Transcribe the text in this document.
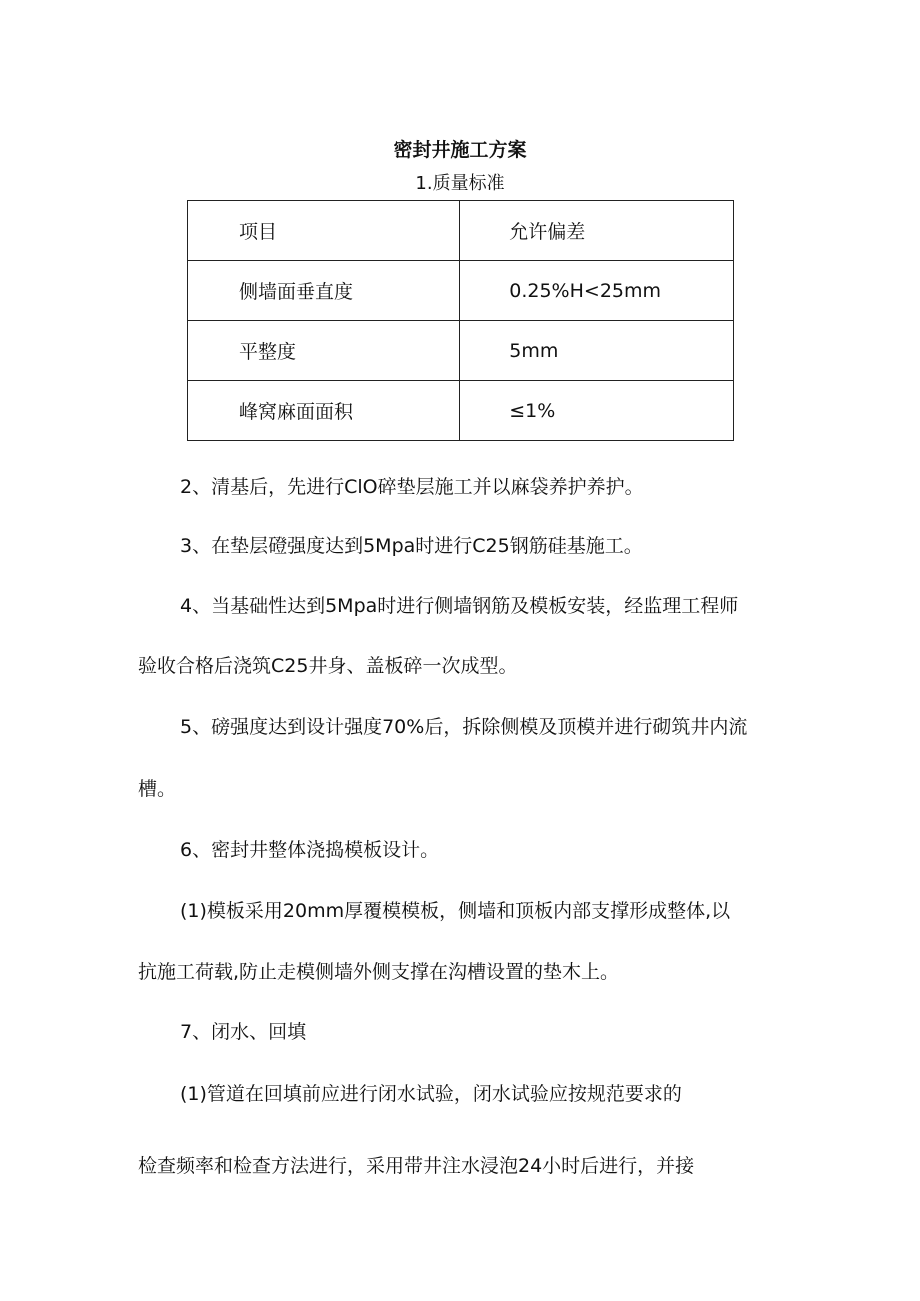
密封井施工方案
1.质量标准
项目	允许偏差
侧墙面垂直度	0.25%H<25mm
平整度	5mm
峰窝麻面面积	≤1%
2、清基后，先进行ClO碎垫层施工并以麻袋养护养护。
3、在垫层磴强度达到5Mpa时进行C25钢筋硅基施工。
4、当基础性达到5Mpa时进行侧墙钢筋及模板安装，经监理工程师
验收合格后浇筑C25井身、盖板碎一次成型。
5、磅强度达到设计强度70%后，拆除侧模及顶模并进行砌筑井内流
槽。
6、密封井整体浇捣模板设计。
(1)模板采用20mm厚覆模模板，侧墙和顶板内部支撑形成整体,以
抗施工荷载,防止走模侧墙外侧支撑在沟槽设置的垫木上。
7、闭水、回填
(1)管道在回填前应进行闭水试验，闭水试验应按规范要求的
检查频率和检查方法进行，采用带井注水浸泡24小时后进行，并接
